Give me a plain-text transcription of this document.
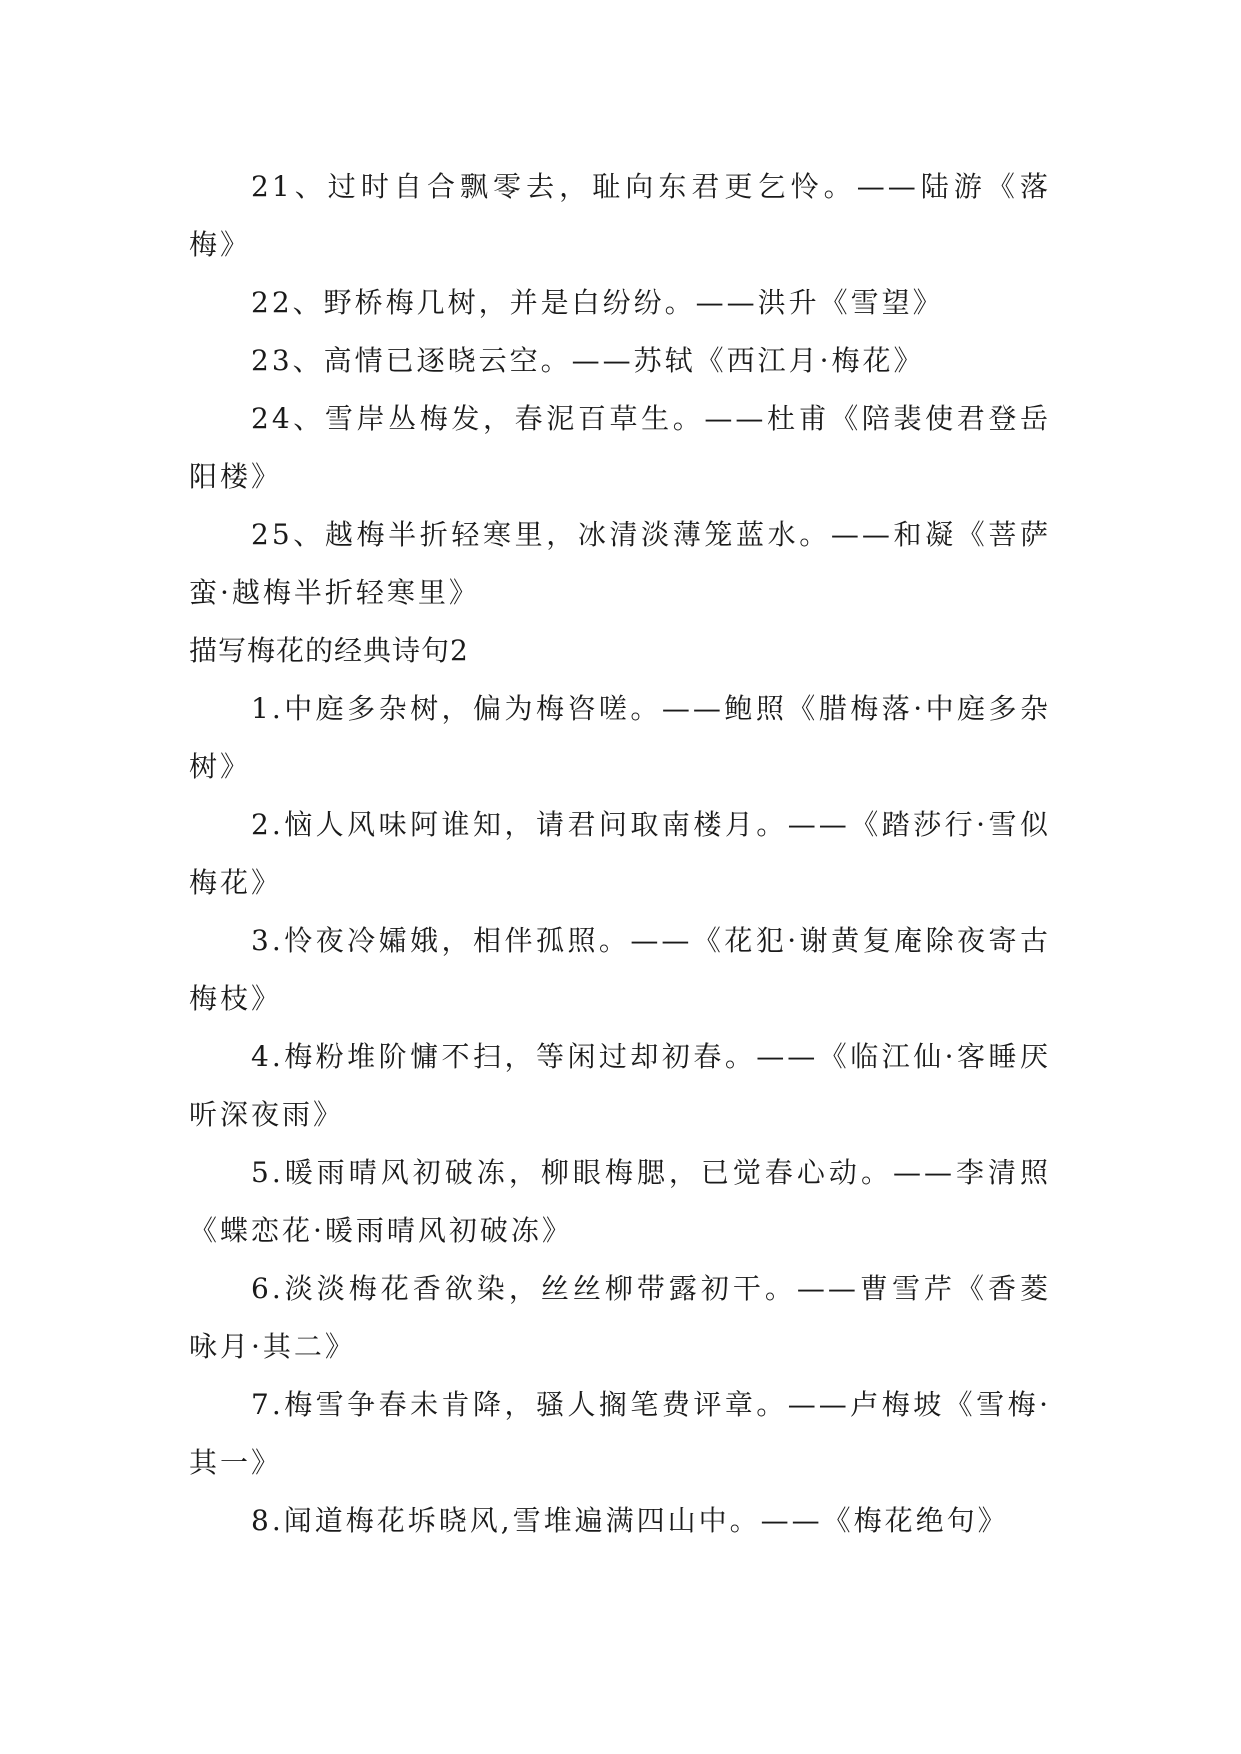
21、过时自合飘零去，耻向东君更乞怜。——陆游《落梅》

22、野桥梅几树，并是白纷纷。——洪升《雪望》

23、高情已逐晓云空。——苏轼《西江月·梅花》

24、雪岸丛梅发，春泥百草生。——杜甫《陪裴使君登岳阳楼》

25、越梅半折轻寒里，冰清淡薄笼蓝水。——和凝《菩萨蛮·越梅半折轻寒里》

描写梅花的经典诗句2

1.中庭多杂树，偏为梅咨嗟。——鲍照《腊梅落·中庭多杂树》

2.恼人风味阿谁知，请君问取南楼月。——《踏莎行·雪似梅花》

3.怜夜冷孀娥，相伴孤照。——《花犯·谢黄复庵除夜寄古梅枝》

4.梅粉堆阶慵不扫，等闲过却初春。——《临江仙·客睡厌听深夜雨》

5.暖雨晴风初破冻，柳眼梅腮，已觉春心动。——李清照《蝶恋花·暖雨晴风初破冻》

6.淡淡梅花香欲染，丝丝柳带露初干。——曹雪芹《香菱咏月·其二》

7.梅雪争春未肯降，骚人搁笔费评章。——卢梅坡《雪梅·其一》

8.闻道梅花坼晓风,雪堆遍满四山中。——《梅花绝句》
